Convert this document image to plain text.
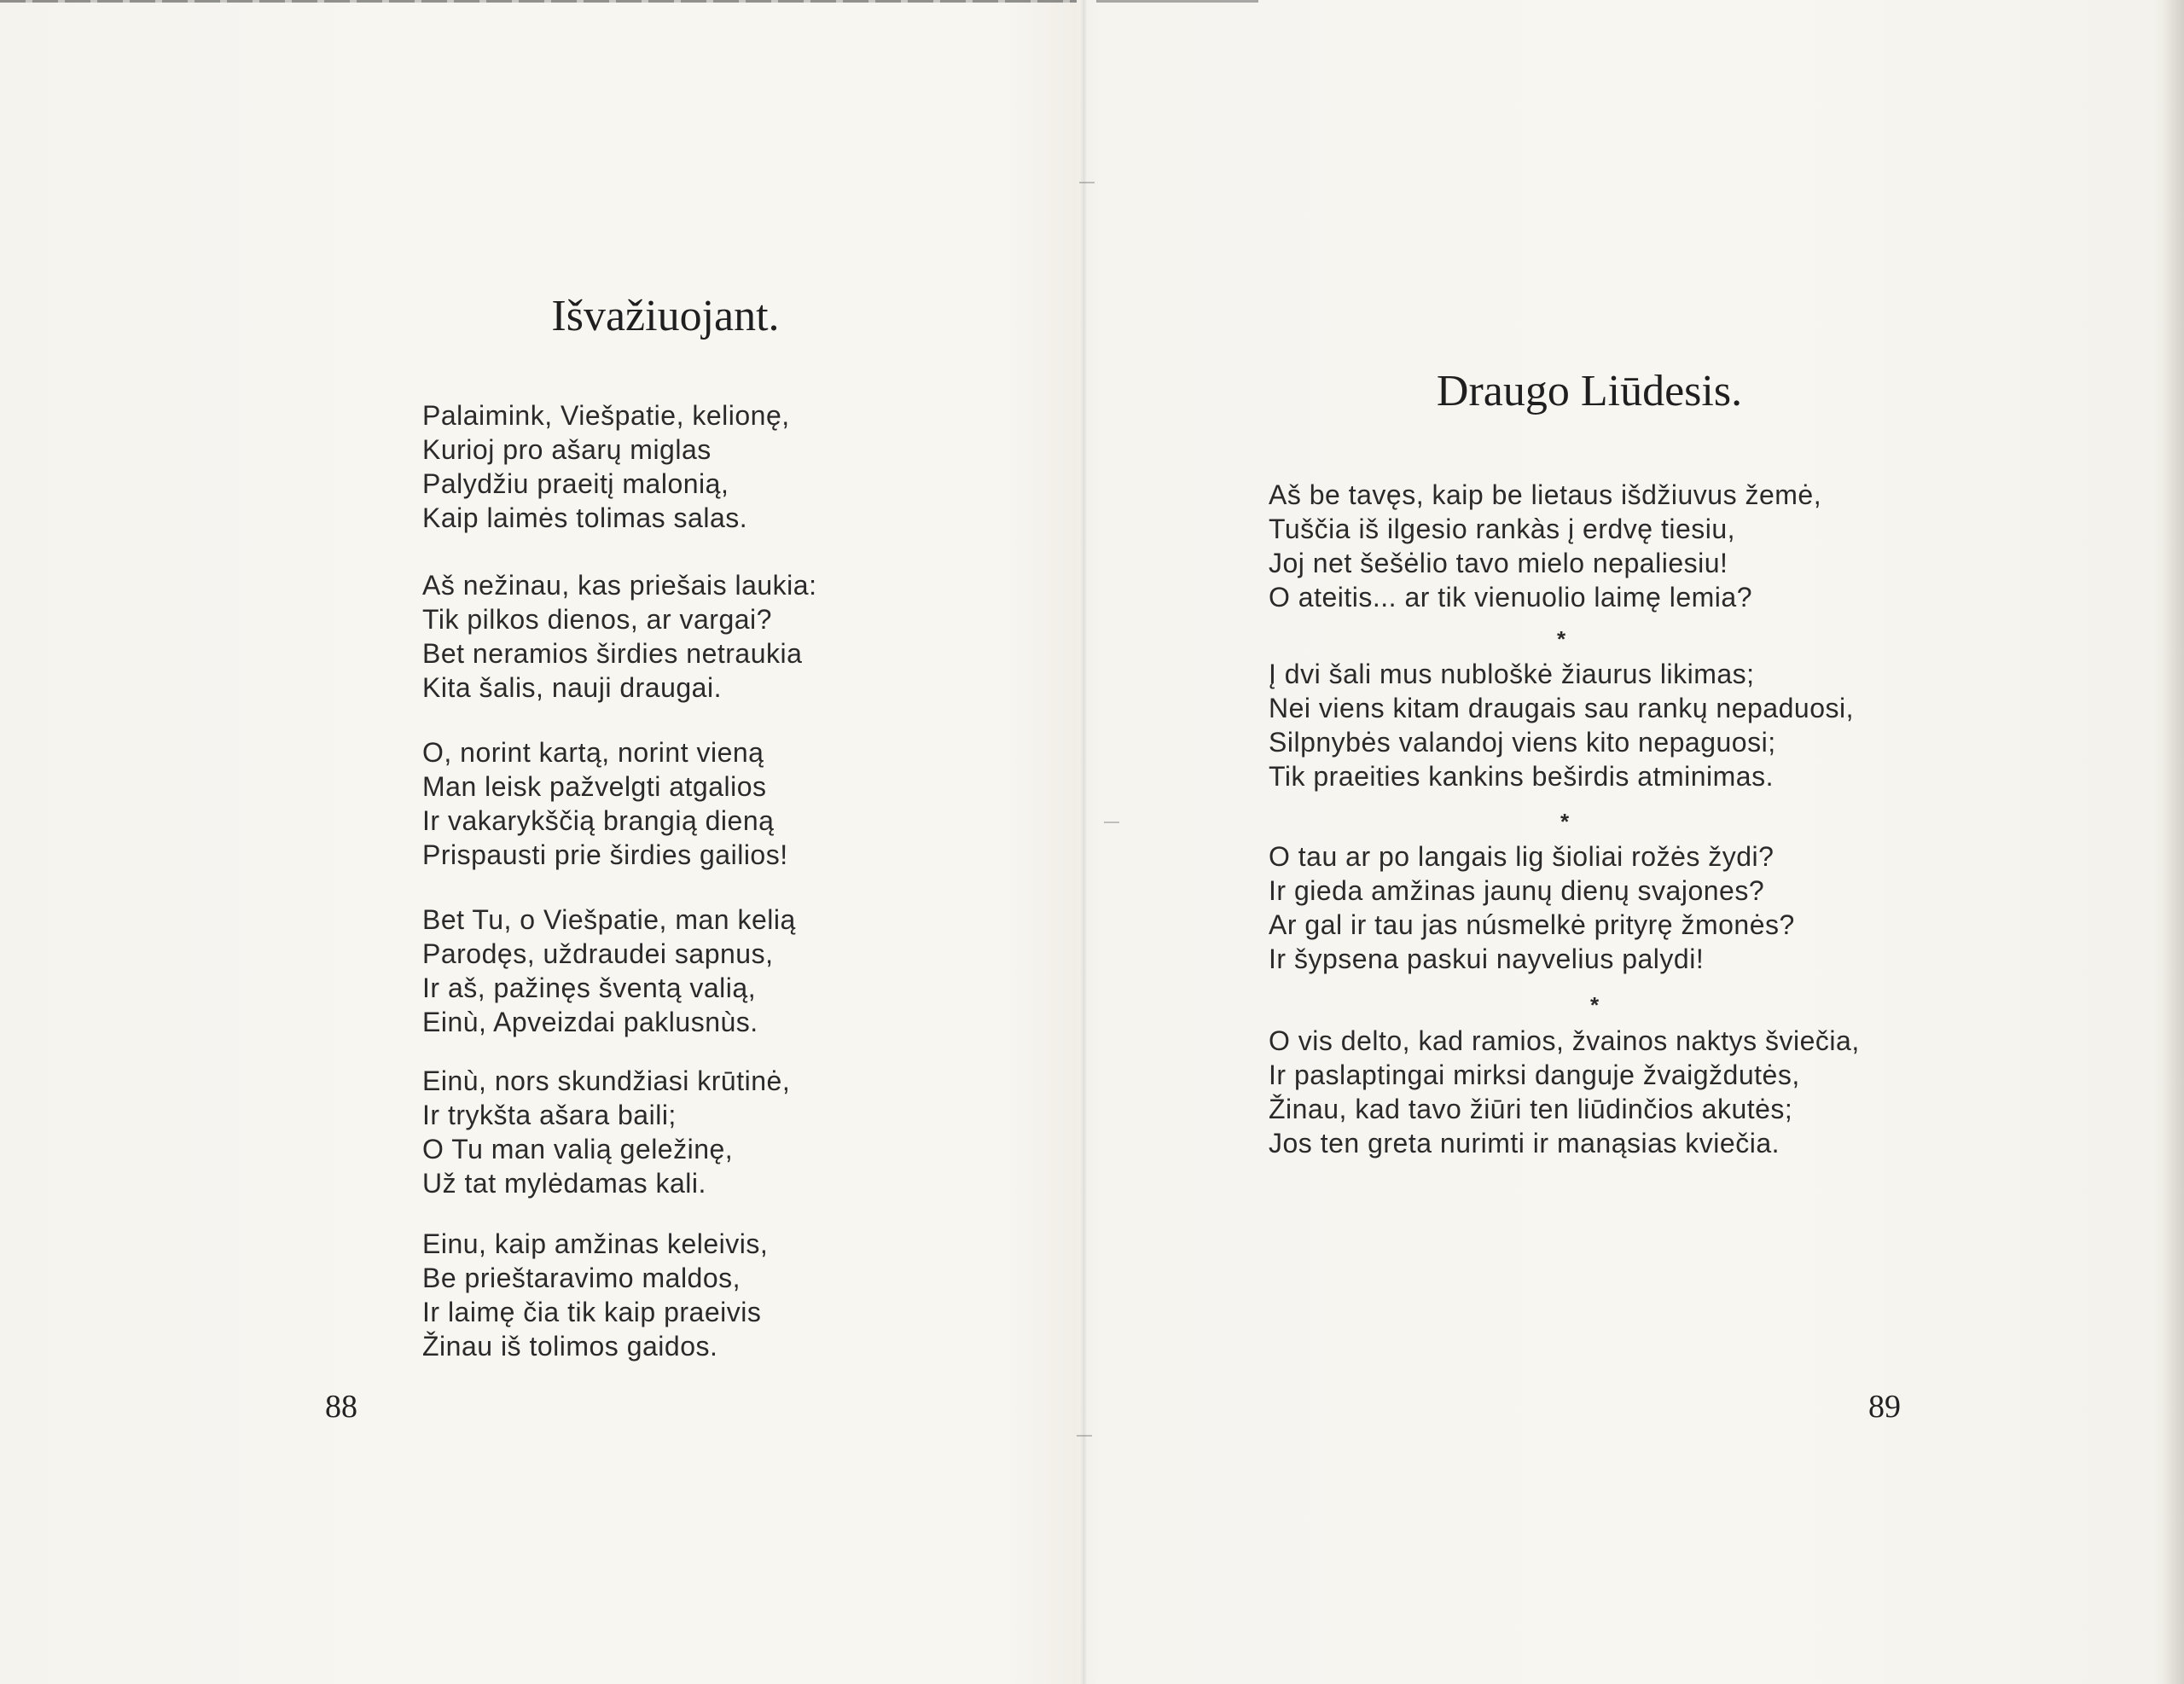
Išvažiuojant.
Palaimink, Viešpatie, kelionę,
Kurioj pro ašarų miglas
Palydžiu praeitį malonią,
Kaip laimės tolimas salas.
Aš nežinau, kas priešais laukia:
Tik pilkos dienos, ar vargai?
Bet neramios širdies netraukia
Kita šalis, nauji draugai.
O, norint kartą, norint vieną
Man leisk pažvelgti atgalios
Ir vakarykščią brangią dieną
Prispausti prie širdies gailios!
Bet Tu, o Viešpatie, man kelią
Parodęs, uždraudei sapnus,
Ir aš, pažinęs šventą valią,
Einù, Apveizdai paklusnùs.
Einù, nors skundžiasi krūtinė,
Ir trykšta ašara baili;
O Tu man valią geležinę,
Už tat mylėdamas kali.
Einu, kaip amžinas keleivis,
Be prieštaravimo maldos,
Ir laimę čia tik kaip praeivis
Žinau iš tolimos gaidos.
88
Draugo Liūdesis.
Aš be tavęs, kaip be lietaus išdžiuvus žemė,
Tuščia iš ilgesio rankàs į erdvę tiesiu,
Joj net šešėlio tavo mielo nepaliesiu!
O ateitis... ar tik vienuolio laimę lemia?
*
Į dvi šali mus nubloškė žiaurus likimas;
Nei viens kitam draugais sau rankų nepaduosi,
Silpnybės valandoj viens kito nepaguosi;
Tik praeities kankins beširdis atminimas.
*
O tau ar po langais lig šioliai rožės žydi?
Ir gieda amžinas jaunų dienų svajones?
Ar gal ir tau jas núsmelkė prityrę žmonės?
Ir šypsena paskui nayvelius palydi!
*
O vis delto, kad ramios, žvainos naktys šviečia,
Ir paslaptingai mirksi danguje žvaigždutės,
Žinau, kad tavo žiūri ten liūdinčios akutės;
Jos ten greta nurimti ir manąsias kviečia.
89
